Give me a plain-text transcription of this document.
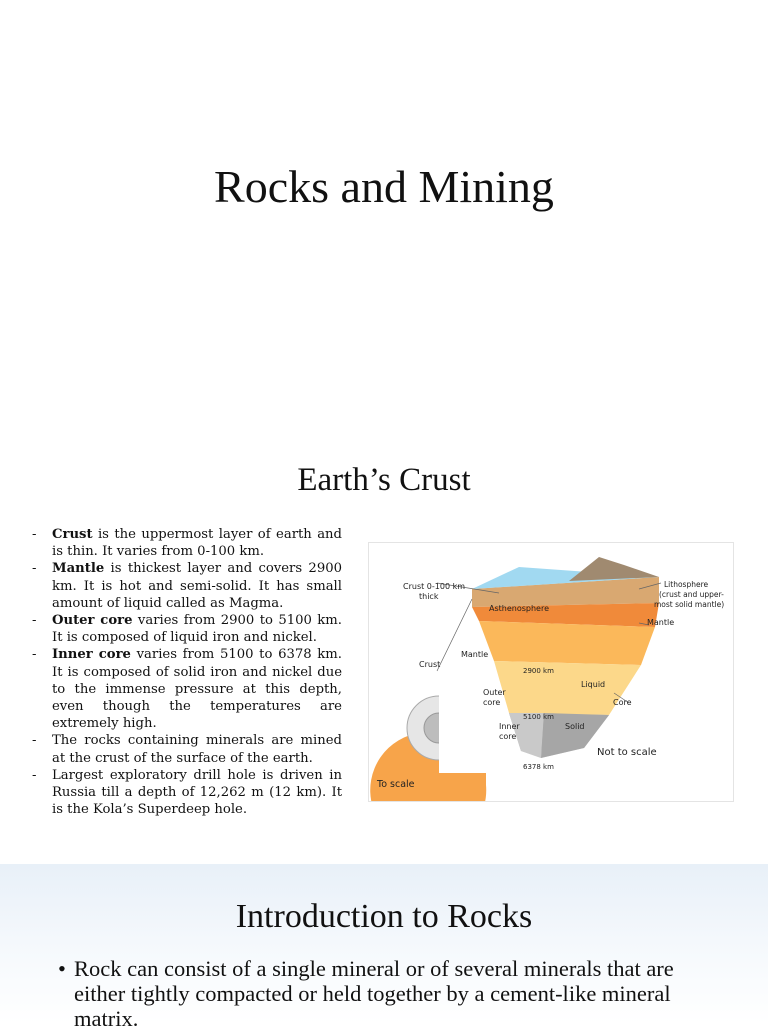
Rocks and Mining
Earth’s Crust
- Crust is the uppermost layer of earth and is thin. It varies from 0-100 km.
- Mantle is thickest layer and covers 2900 km. It is hot and semi-solid. It has small amount of liquid called as Magma.
- Outer core varies from 2900 to 5100 km. It is composed of liquid iron and nickel.
- Inner core varies from 5100 to 6378 km. It is composed of solid iron and nickel due to the immense pressure at this depth, even though the temperatures are extremely high.
- The rocks containing minerals are mined at the crust of the surface of the earth.
- Largest exploratory drill hole is driven in Russia till a depth of 12,262 m (12 km). It is the Kola’s Superdeep hole.
Crust 0-100 km
thick
Lithosphere
(crust and upper-
most solid mantle)
Asthenosphere
Mantle
Crust
Mantle
2900 km
Liquid
Outer
core	Core
5100 km
Inner
core
Solid
Not to scale
6378 km
To scale
Introduction to Rocks
• Rock can consist of a single mineral or of several minerals that are either tightly compacted or held together by a cement-like mineral matrix.
